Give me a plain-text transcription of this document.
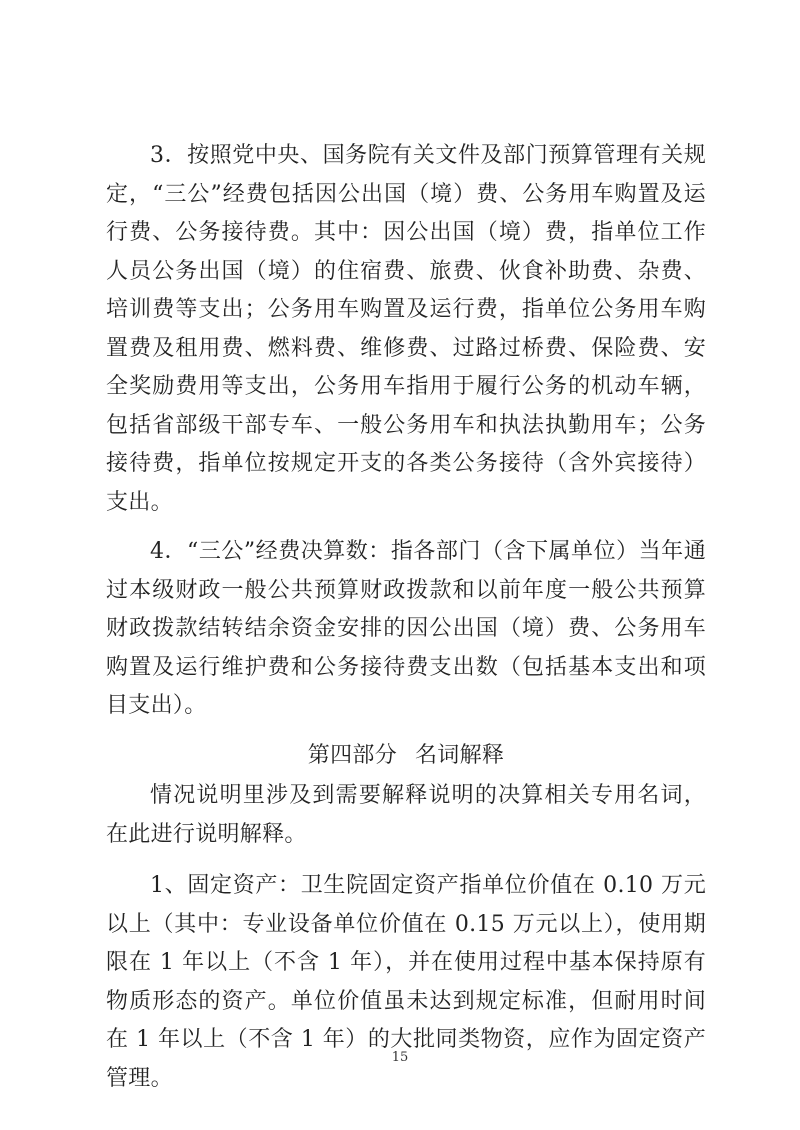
3．按照党中央、国务院有关文件及部门预算管理有关规定，“三公”经费包括因公出国（境）费、公务用车购置及运行费、公务接待费。其中：因公出国（境）费，指单位工作人员公务出国（境）的住宿费、旅费、伙食补助费、杂费、培训费等支出；公务用车购置及运行费，指单位公务用车购置费及租用费、燃料费、维修费、过路过桥费、保险费、安全奖励费用等支出，公务用车指用于履行公务的机动车辆，包括省部级干部专车、一般公务用车和执法执勤用车；公务接待费，指单位按规定开支的各类公务接待（含外宾接待）支出。

4．“三公”经费决算数：指各部门（含下属单位）当年通过本级财政一般公共预算财政拨款和以前年度一般公共预算财政拨款结转结余资金安排的因公出国（境）费、公务用车购置及运行维护费和公务接待费支出数（包括基本支出和项目支出）。

第四部分 名词解释

情况说明里涉及到需要解释说明的决算相关专用名词，在此进行说明解释。

1、固定资产：卫生院固定资产指单位价值在 0.10 万元以上（其中：专业设备单位价值在 0.15 万元以上），使用期限在 1 年以上（不含 1 年），并在使用过程中基本保持原有物质形态的资产。单位价值虽未达到规定标准，但耐用时间在 1 年以上（不含 1 年）的大批同类物资，应作为固定资产管理。

15
